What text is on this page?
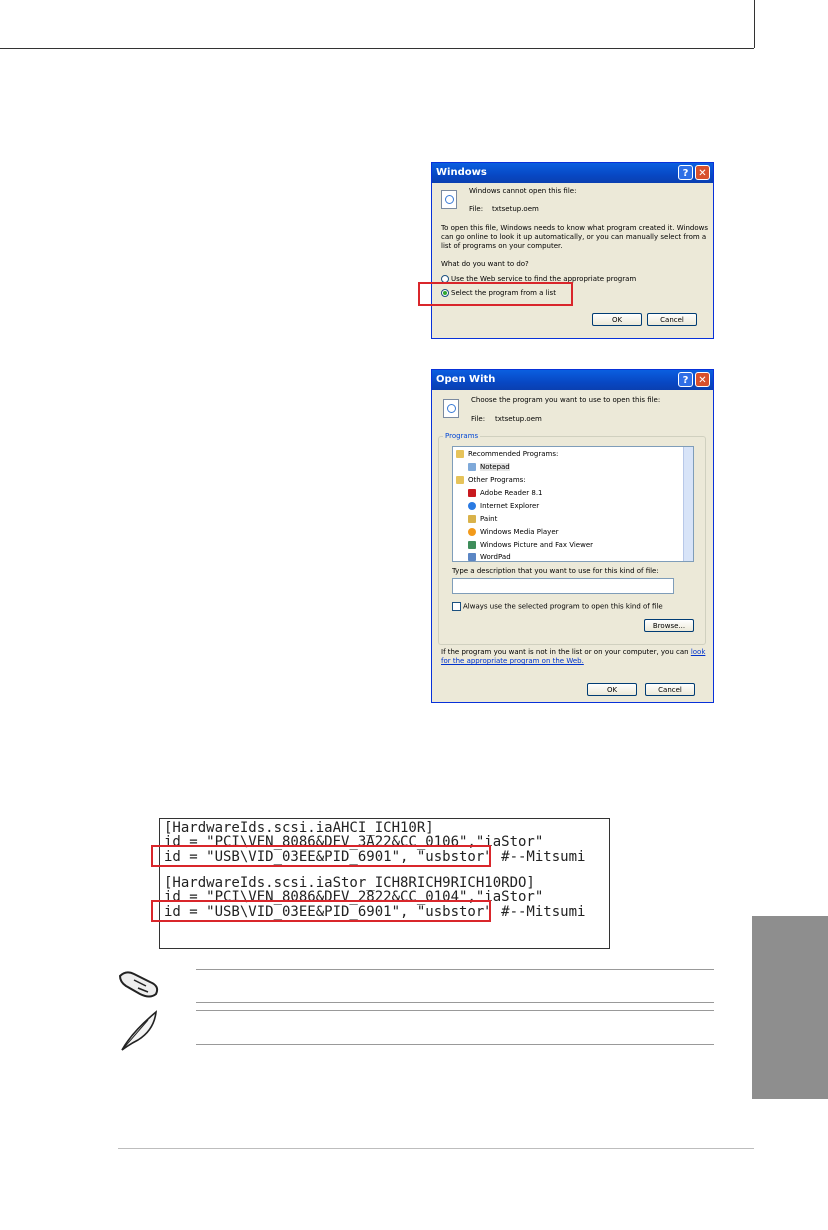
Windows	? ✕
Windows cannot open this file:
File: txtsetup.oem
To open this file, Windows needs to know what program created it. Windows can go online to look it up automatically, or you can manually select from a list of programs on your computer.
What do you want to do?
Use the Web service to find the appropriate program
Select the program from a list
OK	Cancel
Open With	? ✕
Choose the program you want to use to open this file:
File: txtsetup.oem
Programs
Recommended Programs:
Notepad
Other Programs:
Adobe Reader 8.1
Internet Explorer
Paint
Windows Media Player
Windows Picture and Fax Viewer
WordPad
Type a description that you want to use for this kind of file:
Always use the selected program to open this kind of file
Browse...
If the program you want is not in the list or on your computer, you can look for the appropriate program on the Web.
OK	Cancel
[HardwareIds.scsi.iaAHCI_ICH10R]
id = "PCI\VEN_8086&DEV_3A22&CC_0106","iaStor"
id = "USB\VID_03EE&PID_6901", "usbstor" #--Mitsumi
[HardwareIds.scsi.iaStor_ICH8RICH9RICH10RDO]
id = "PCI\VEN_8086&DEV_2822&CC_0104","iaStor"
id = "USB\VID_03EE&PID_6901", "usbstor" #--Mitsumi
